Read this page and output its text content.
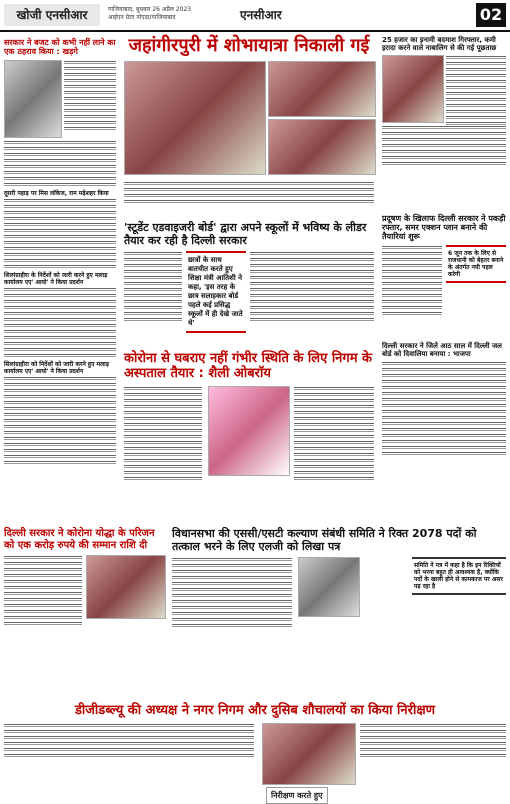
खोजी एनसीआर	गाजियाबाद, बुधवार 26 अप्रैल 2023
आईएन ग्रेटर नोएडा/गाजियाबाद	एनसीआर	02
सरकार ने बजट को कभी नहीं लाने का एक ठहराव किया : खड़गे
दूसरी पहाड़ पर मिस लॉकेज, राम मढ़ेशहर किया
शिलांग्राहीरा के निर्देशों को जारी करने हुए मलाड़ कार्यालय एए' आयो' ने किया प्रदर्शन
सिलांग्राहीरा को निर्देशों को जारी करने हुए मलाड़ कार्यालय एए' आयो' ने किया प्रदर्शन
जहांगीरपुरी में शोभायात्रा निकाली गई
'स्टूडेंट एडवाइजरी बोर्ड' द्वारा अपने स्कूलों में भविष्य के लीडर तैयार कर रही है दिल्ली सरकार
छात्रों के साथ बातचीत करते हुए शिक्षा मंत्री आतिशी ने कहा, 'इस तरह के छात्र सलाहकार बोर्ड पहले कई प्रसिद्ध स्कूलों में ही देखे जाते थे'
कोरोना से घबराए नहीं गंभीर स्थिति के लिए निगम के अस्पताल तैयार : शैली ओबराॅय
25 हजार का इनामी बदमाश गिरफ्तार, कमी इरादा करने वाले नाबालिग से की गई पूछताछ
प्रदूषण के खिलाफ दिल्ली सरकार ने पकड़ी रफ्तार, समर एक्शन प्लान बनाने की तैयारियां शुरू
6 जून तक के लिए से राजधानी को बेहतर बनाने के अंतर्गत नयी पहल करेगी
दिल्ली सरकार ने जिले आठ साल में दिल्ली जल बोर्ड को दिवालिया बनाया : भाजपा
दिल्ली सरकार ने कोरोना योद्धा के परिजन को एक करोड़ रुपये की सम्मान राशि दी
विधानसभा की एससी/एसटी कल्याण संबंधी समिति ने रिक्त 2078 पदों को तत्काल भरने के लिए एलजी को लिखा पत्र
समिति ने पत्र में कहा है कि इन रिक्तियों को भरना बहुत ही आवश्यक है, क्योंकि पदों के खाली होने से कामकाज पर असर पड़ रहा है
डीजीडब्ल्यू की अध्यक्ष ने नगर निगम और दुसिब शौचालयों का किया निरीक्षण
निरीक्षण करते हुए
